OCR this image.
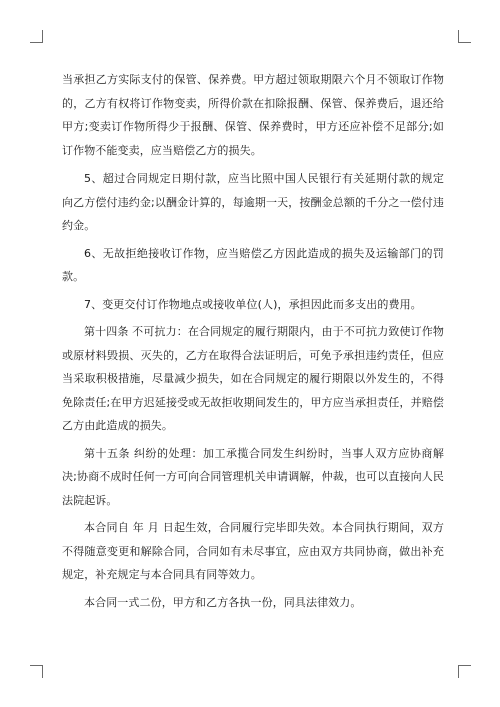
当承担乙方实际支付的保管、保养费。甲方超过领取期限六个月不领取订作物的，乙方有权将订作物变卖，所得价款在扣除报酬、保管、保养费后，退还给甲方;变卖订作物所得少于报酬、保管、保养费时，甲方还应补偿不足部分;如订作物不能变卖，应当赔偿乙方的损失。

5、超过合同规定日期付款，应当比照中国人民银行有关延期付款的规定向乙方偿付违约金;以酬金计算的，每逾期一天，按酬金总额的千分之一偿付违约金。

6、无故拒绝接收订作物，应当赔偿乙方因此造成的损失及运输部门的罚款。

7、变更交付订作物地点或接收单位(人)，承担因此而多支出的费用。

第十四条 不可抗力：在合同规定的履行期限内，由于不可抗力致使订作物或原材料毁损、灭失的，乙方在取得合法证明后，可免予承担违约责任，但应当采取积极措施，尽量减少损失，如在合同规定的履行期限以外发生的，不得免除责任;在甲方迟延接受或无故拒收期间发生的，甲方应当承担责任，并赔偿乙方由此造成的损失。

第十五条 纠纷的处理：加工承揽合同发生纠纷时，当事人双方应协商解决;协商不成时任何一方可向合同管理机关申请调解，仲裁，也可以直接向人民法院起诉。

本合同自 年 月 日起生效，合同履行完毕即失效。本合同执行期间，双方不得随意变更和解除合同，合同如有未尽事宜，应由双方共同协商，做出补充规定，补充规定与本合同具有同等效力。

本合同一式二份，甲方和乙方各执一份，同具法律效力。
